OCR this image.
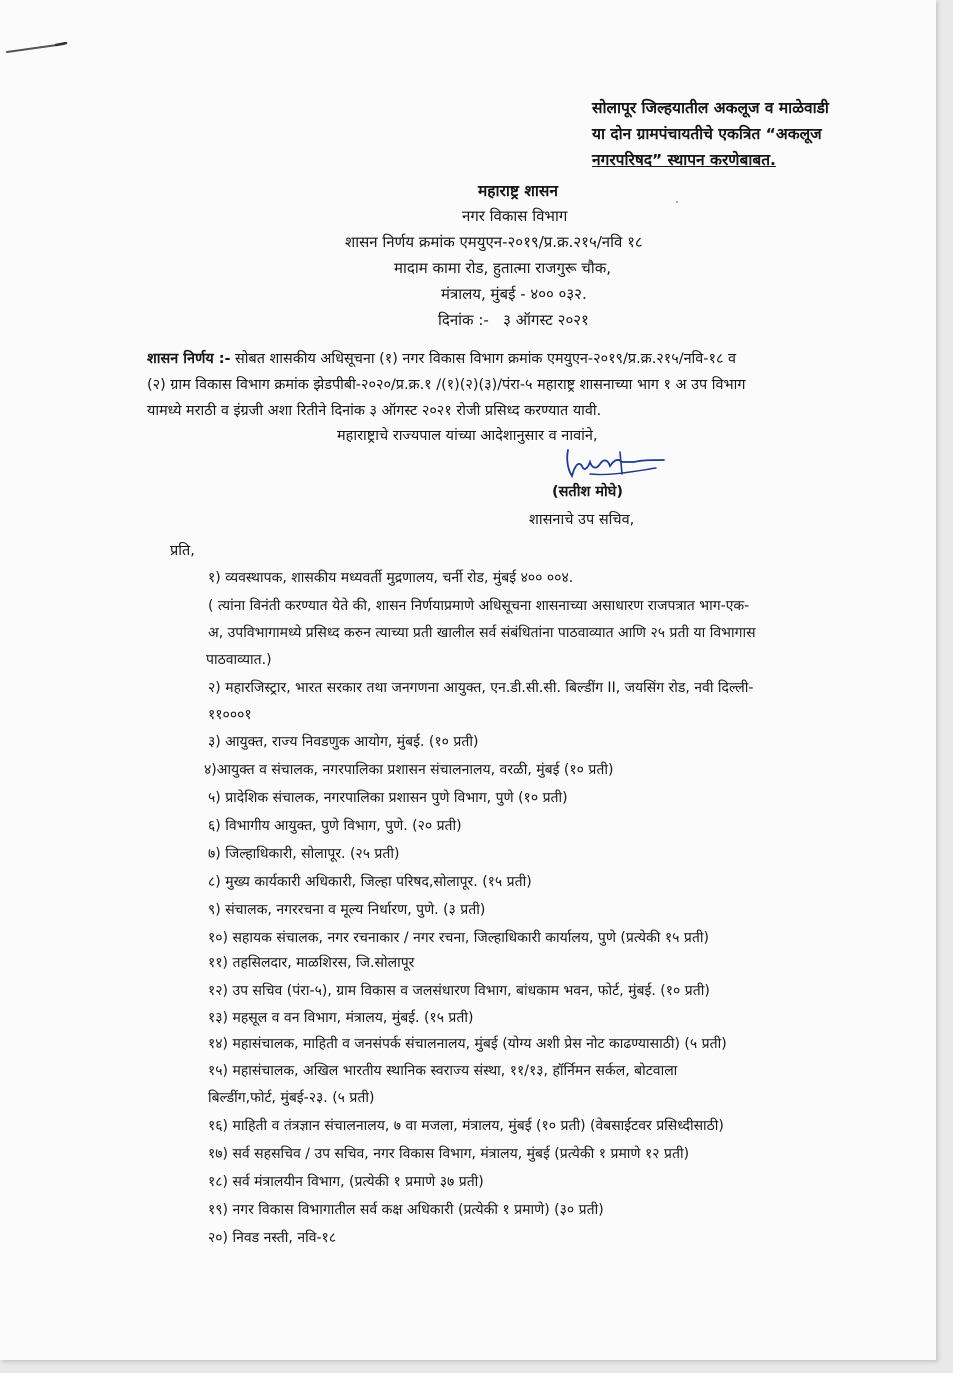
सोलापूर जिल्हयातील अकलूज व माळेवाडी
या दोन ग्रामपंचायतीचे एकत्रित “अकलूज
नगरपरिषद” स्थापन करणेबाबत.
महाराष्ट्र शासन
नगर विकास विभाग
शासन निर्णय क्रमांक एमयुएन-२०१९/प्र.क्र.२१५/नवि १८
मादाम कामा रोड, हुतात्मा राजगुरू चौक,
मंत्रालय, मुंबई - ४०० ०३२.
दिनांक :-   ३ ऑगस्ट २०२१
शासन निर्णय :- सोबत शासकीय अधिसूचना (१) नगर विकास विभाग क्रमांक एमयुएन-२०१९/प्र.क्र.२१५/नवि-१८ व
(२) ग्राम विकास विभाग क्रमांक झेडपीबी-२०२०/प्र.क्र.१ /(१)(२)(३)/पंरा-५ महाराष्ट्र शासनाच्या भाग १ अ उप विभाग
यामध्ये मराठी व इंग्रजी अशा रितीने दिनांक ३ ऑगस्ट २०२१ रोजी प्रसिध्द करण्यात यावी.
महाराष्ट्राचे राज्यपाल यांच्या आदेशानुसार व नावांने,
(सतीश मोघे)
शासनाचे उप सचिव,
प्रति,
१) व्यवस्थापक, शासकीय मध्यवर्ती मुद्रणालय, चर्नी रोड, मुंबई ४०० ००४.
( त्यांना विनंती करण्यात येते की, शासन निर्णयाप्रमाणे अधिसूचना शासनाच्या असाधारण राजपत्रात भाग-एक-
अ, उपविभागामध्ये प्रसिध्द करुन त्याच्या प्रती खालील सर्व संबंधितांना पाठवाव्यात आणि २५ प्रती या विभागास
पाठवाव्यात.)
२) महारजिस्ट्रार, भारत सरकार तथा जनगणना आयुक्त, एन.डी.सी.सी. बिल्डींग II, जयसिंग रोड, नवी दिल्ली-
११०००१
३) आयुक्त, राज्य निवडणुक आयोग, मुंबई. (१० प्रती)
४)आयुक्त व संचालक, नगरपालिका प्रशासन संचालनालय, वरळी, मुंबई (१० प्रती)
५) प्रादेशिक संचालक, नगरपालिका प्रशासन पुणे विभाग, पुणे (१० प्रती)
६) विभागीय आयुक्त, पुणे विभाग, पुणे. (२० प्रती)
७) जिल्हाधिकारी, सोलापूर. (२५ प्रती)
८) मुख्य कार्यकारी अधिकारी, जिल्हा परिषद,सोलापूर. (१५ प्रती)
९) संचालक, नगररचना व मूल्य निर्धारण, पुणे. (३ प्रती)
१०) सहायक संचालक, नगर रचनाकार / नगर रचना, जिल्हाधिकारी कार्यालय, पुणे (प्रत्येकी १५ प्रती)
११) तहसिलदार, माळशिरस, जि.सोलापूर
१२) उप सचिव (पंरा-५), ग्राम विकास व जलसंधारण विभाग, बांधकाम भवन, फोर्ट, मुंबई. (१० प्रती)
१३) महसूल व वन विभाग, मंत्रालय, मुंबई. (१५ प्रती)
१४) महासंचालक, माहिती व जनसंपर्क संचालनालय, मुंबई (योग्य अशी प्रेस नोट काढण्यासाठी) (५ प्रती)
१५) महासंचालक, अखिल भारतीय स्थानिक स्वराज्य संस्था, ११/१३, हॉर्निमन सर्कल, बोटवाला
बिल्डींग,फोर्ट, मुंबई-२३. (५ प्रती)
१६) माहिती व तंत्रज्ञान संचालनालय, ७ वा मजला, मंत्रालय, मुंबई (१० प्रती) (वेबसाईटवर प्रसिध्दीसाठी)
१७) सर्व सहसचिव / उप सचिव, नगर विकास विभाग, मंत्रालय, मुंबई (प्रत्येकी १ प्रमाणे १२ प्रती)
१८) सर्व मंत्रालयीन विभाग, (प्रत्येकी १ प्रमाणे ३७ प्रती)
१९) नगर विकास विभागातील सर्व कक्ष अधिकारी (प्रत्येकी १ प्रमाणे) (३० प्रती)
२०) निवड नस्ती, नवि-१८
